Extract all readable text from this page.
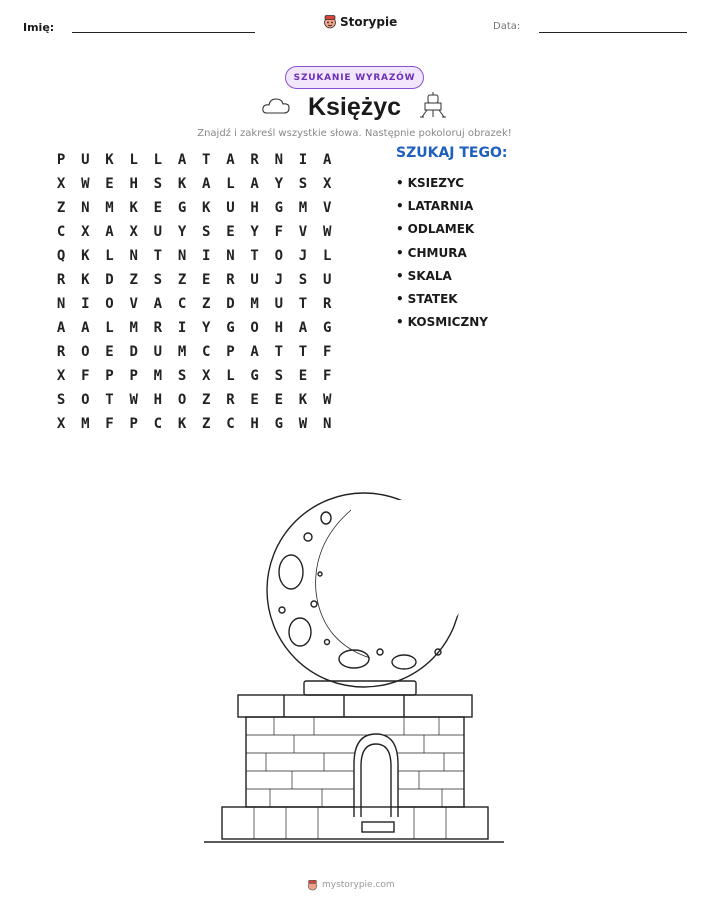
Imię:	Storypie	Data:
SZUKANIE WYRAZÓW
Księżyc
Znajdź i zakreśl wszystkie słowa. Następnie pokoloruj obrazek!
P	U	K	L	L	A	T	A	R	N	I	A
X	W	E	H	S	K	A	L	A	Y	S	X
Z	N	M	K	E	G	K	U	H	G	M	V
C	X	A	X	U	Y	S	E	Y	F	V	W
Q	K	L	N	T	N	I	N	T	O	J	L
R	K	D	Z	S	Z	E	R	U	J	S	U
N	I	O	V	A	C	Z	D	M	U	T	R
A	A	L	M	R	I	Y	G	O	H	A	G
R	O	E	D	U	M	C	P	A	T	T	F
X	F	P	P	M	S	X	L	G	S	E	F
S	O	T	W	H	O	Z	R	E	E	K	W
X	M	F	P	C	K	Z	C	H	G	W	N
SZUKAJ TEGO:
• KSIEZYC
• LATARNIA
• ODLAMEK
• CHMURA
• SKALA
• STATEK
• KOSMICZNY
mystorypie.com
